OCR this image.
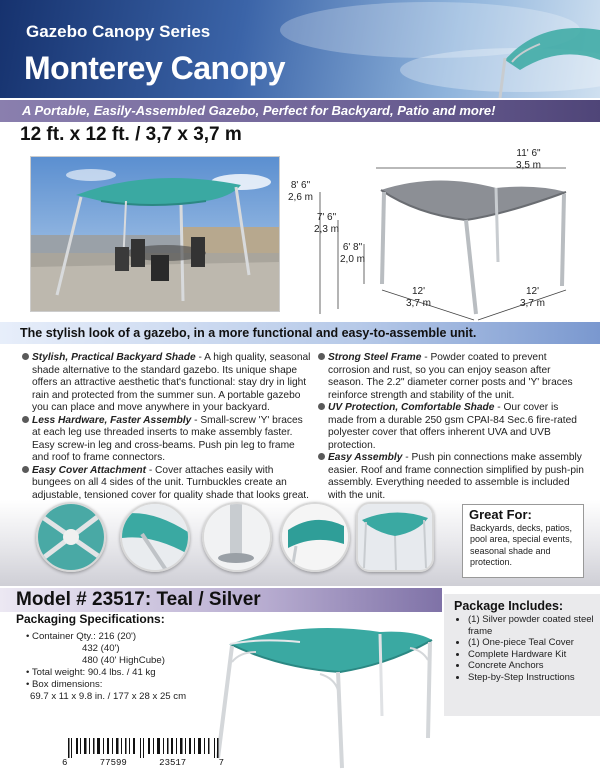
Gazebo Canopy Series
Monterey Canopy
A Portable, Easily-Assembled Gazebo, Perfect for Backyard, Patio and more!
12 ft. x 12 ft. / 3,7 x 3,7 m
11' 6"
3,5 m
8' 6"
2,6 m
7' 6"
2,3 m
6' 8"
2,0 m
12'
3,7 m
12'
3,7 m
The stylish look of a gazebo, in a more functional and easy-to-assemble unit.

Stylish, Practical Backyard Shade - A high quality, seasonal shade alternative to the standard gazebo. Its unique shape offers an attractive aesthetic that's functional: stay dry in light rain and protected from the summer sun. A portable gazebo you can place and move anywhere in your backyard.

Less Hardware, Faster Assembly - Small-screw 'Y' braces at each leg use threaded inserts to make assembly faster. Easy screw-in leg and cross-beams. Push pin leg to frame and roof to frame connectors.

Easy Cover Attachment - Cover attaches easily with bungees on all 4 sides of the unit. Turnbuckles create an adjustable, tensioned cover for quality shade that looks great.

Strong Steel Frame - Powder coated to prevent corrosion and rust, so you can enjoy season after season. The 2.2" diameter corner posts and 'Y' braces reinforce strength and stability of the unit.

UV Protection, Comfortable Shade - Our cover is made from a durable 250 gsm CPAI-84 Sec.6 fire-rated polyester cover that offers inherent UVA and UVB protection.

Easy Assembly - Push pin connections make assembly easier. Roof and frame connection simplified by push-pin assembly. Everything needed to assemble is included with the unit.

Great For:
Backyards, decks, patios, pool area, special events, seasonal shade and protection.
Model # 23517: Teal / Silver
Packaging Specifications:
• Container Qty.: 216 (20')
432 (40')
480 (40' HighCube)
• Total weight: 90.4 lbs. / 41 kg
• Box dimensions:
69.7 x 11 x 9.8 in. / 177 x 28 x 25 cm
Package Includes:
• (1) Silver powder coated steel frame
• (1) One-piece Teal Cover
• Complete Hardware Kit
• Concrete Anchors
• Step-by-Step Instructions
6	77599	23517	7
